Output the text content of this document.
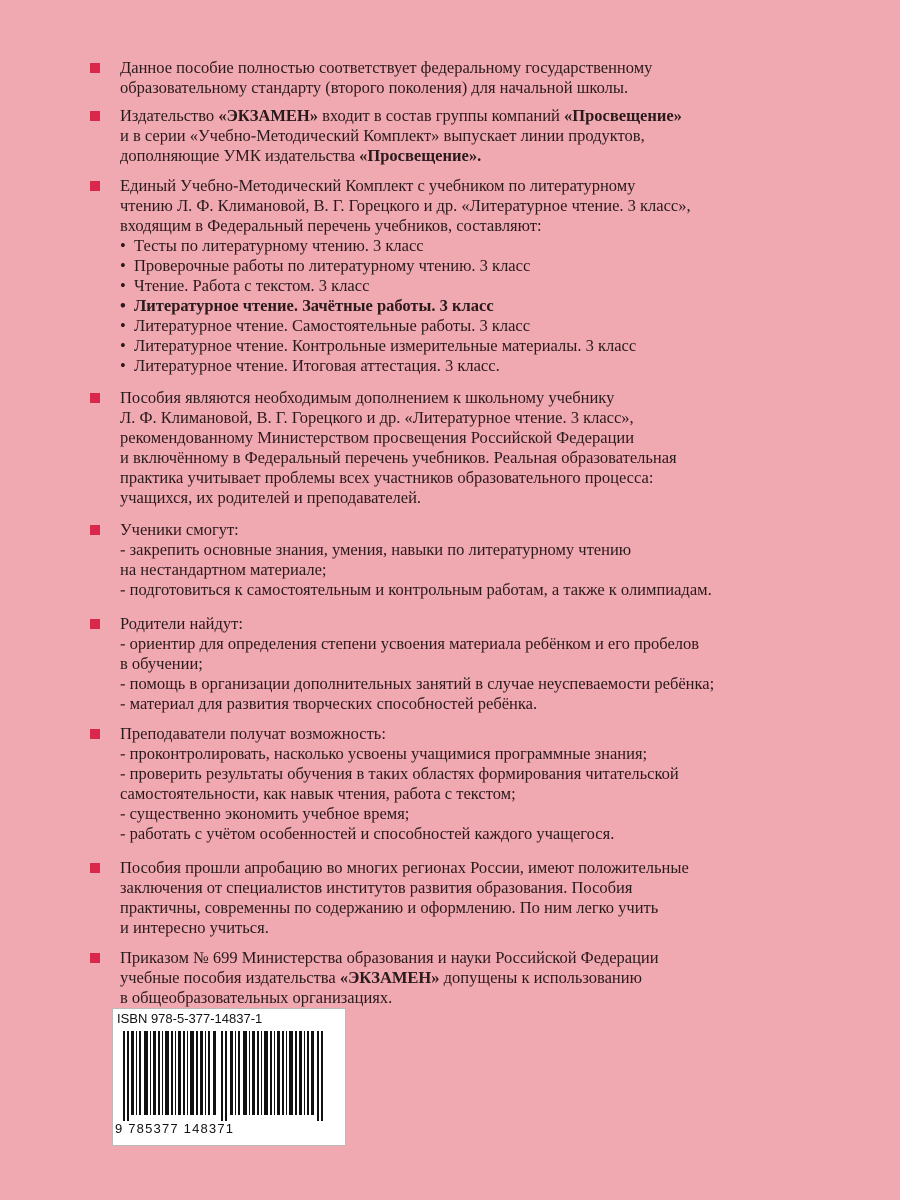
Данное пособие полностью соответствует федеральному государственному
образовательному стандарту (второго поколения) для начальной школы.
Издательство «ЭКЗАМЕН» входит в состав группы компаний «Просвещение»
и в серии «Учебно-Методический Комплект» выпускает линии продуктов,
дополняющие УМК издательства «Просвещение».
Единый Учебно-Методический Комплект с учебником по литературному
чтению Л. Ф. Климановой, В. Г. Горецкого и др. «Литературное чтение. 3 класс»,
входящим в Федеральный перечень учебников, составляют:
• Тесты по литературному чтению. 3 класс
• Проверочные работы по литературному чтению. 3 класс
• Чтение. Работа с текстом. 3 класс
• Литературное чтение. Зачётные работы. 3 класс
• Литературное чтение. Самостоятельные работы. 3 класс
• Литературное чтение. Контрольные измерительные материалы. 3 класс
• Литературное чтение. Итоговая аттестация. 3 класс.
Пособия являются необходимым дополнением к школьному учебнику
Л. Ф. Климановой, В. Г. Горецкого и др. «Литературное чтение. 3 класс»,
рекомендованному Министерством просвещения Российской Федерации
и включённому в Федеральный перечень учебников. Реальная образовательная
практика учитывает проблемы всех участников образовательного процесса:
учащихся, их родителей и преподавателей.
Ученики смогут:
- закрепить основные знания, умения, навыки по литературному чтению
на нестандартном материале;
- подготовиться к самостоятельным и контрольным работам, а также к олимпиадам.
Родители найдут:
- ориентир для определения степени усвоения материала ребёнком и его пробелов
в обучении;
- помощь в организации дополнительных занятий в случае неуспеваемости ребёнка;
- материал для развития творческих способностей ребёнка.
Преподаватели получат возможность:
- проконтролировать, насколько усвоены учащимися программные знания;
- проверить результаты обучения в таких областях формирования читательской
самостоятельности, как навык чтения, работа с текстом;
- существенно экономить учебное время;
- работать с учётом особенностей и способностей каждого учащегося.
Пособия прошли апробацию во многих регионах России, имеют положительные
заключения от специалистов институтов развития образования. Пособия
практичны, современны по содержанию и оформлению. По ним легко учить
и интересно учиться.
Приказом № 699 Министерства образования и науки Российской Федерации
учебные пособия издательства «ЭКЗАМЕН» допущены к использованию
в общеобразовательных организациях.
ISBN 978-5-377-14837-1
9 785377 148371
